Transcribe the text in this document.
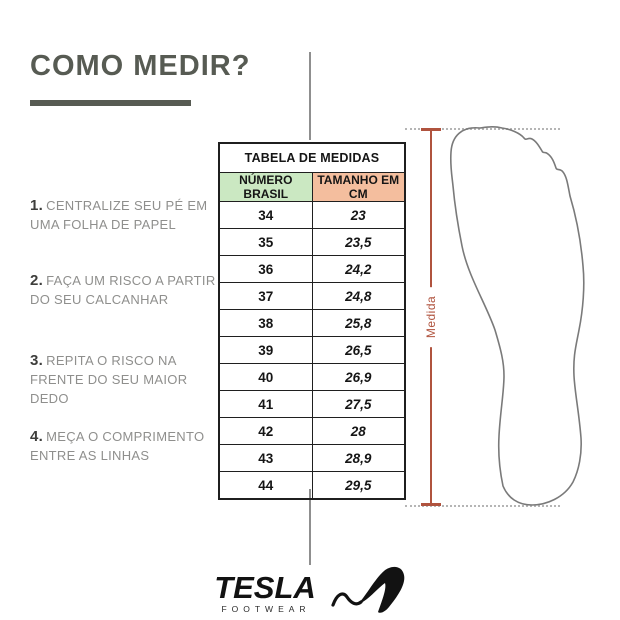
COMO MEDIR?
1. CENTRALIZE SEU PÉ EM UMA FOLHA DE PAPEL
2. FAÇA UM RISCO A PARTIR DO SEU CALCANHAR
3. REPITA O RISCO NA FRENTE DO SEU MAIOR DEDO
4. MEÇA O COMPRIMENTO ENTRE AS LINHAS
TABELA DE MEDIDAS	
NÚMERO BRASIL	TAMANHO EM CM
34	23
35	23,5
36	24,2
37	24,8
38	25,8
39	26,5
40	26,9
41	27,5
42	28
43	28,9
44	29,5
Medida
TESLA
FOOTWEAR
